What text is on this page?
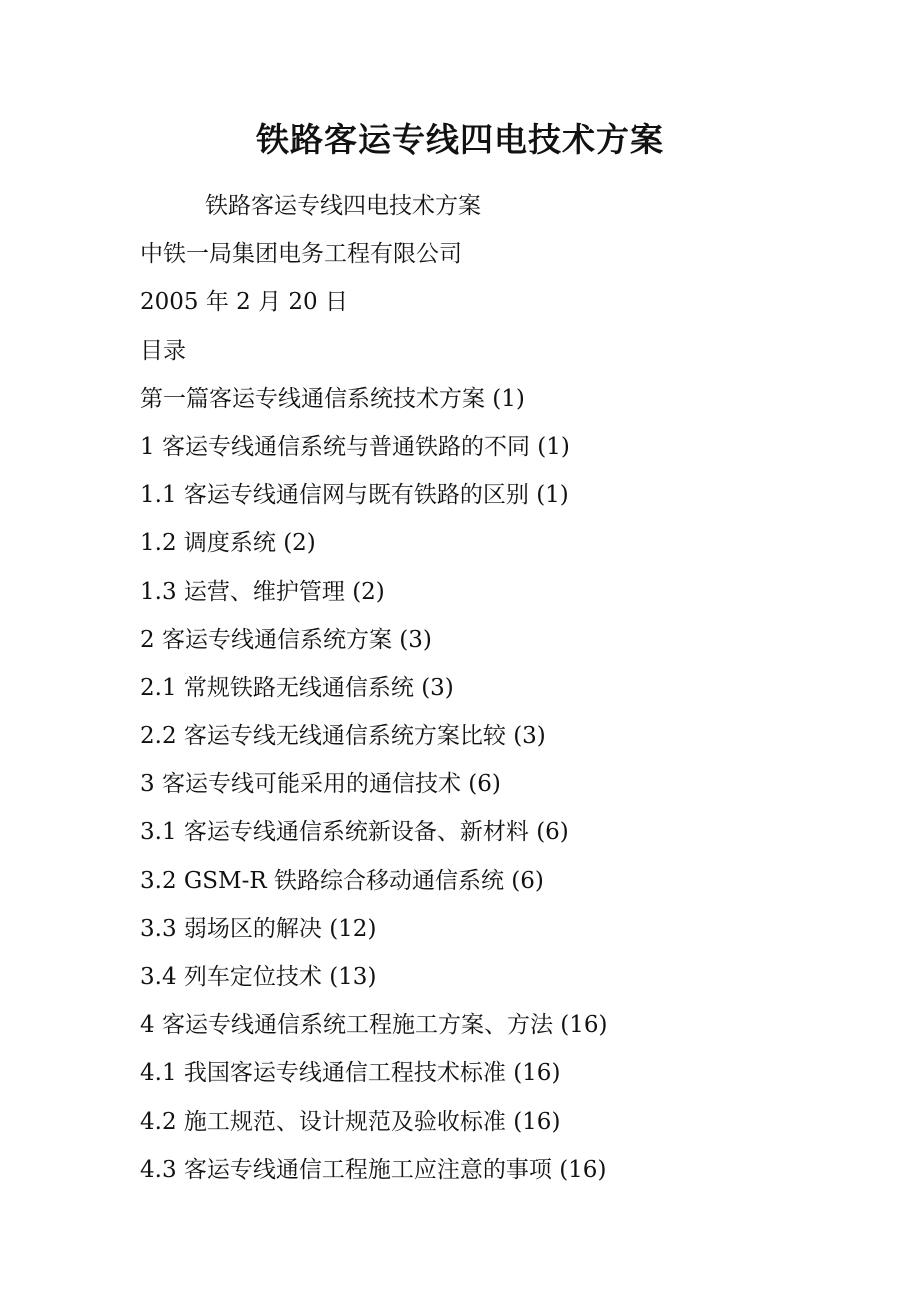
铁路客运专线四电技术方案
铁路客运专线四电技术方案
中铁一局集团电务工程有限公司
2005 年 2 月 20 日
目录
第一篇客运专线通信系统技术方案 (1)
1 客运专线通信系统与普通铁路的不同 (1)
1.1 客运专线通信网与既有铁路的区别 (1)
1.2 调度系统 (2)
1.3 运营、维护管理 (2)
2 客运专线通信系统方案 (3)
2.1 常规铁路无线通信系统 (3)
2.2 客运专线无线通信系统方案比较 (3)
3 客运专线可能采用的通信技术 (6)
3.1 客运专线通信系统新设备、新材料 (6)
3.2 GSM-R 铁路综合移动通信系统 (6)
3.3 弱场区的解决 (12)
3.4 列车定位技术 (13)
4 客运专线通信系统工程施工方案、方法 (16)
4.1 我国客运专线通信工程技术标准 (16)
4.2 施工规范、设计规范及验收标准 (16)
4.3 客运专线通信工程施工应注意的事项 (16)
